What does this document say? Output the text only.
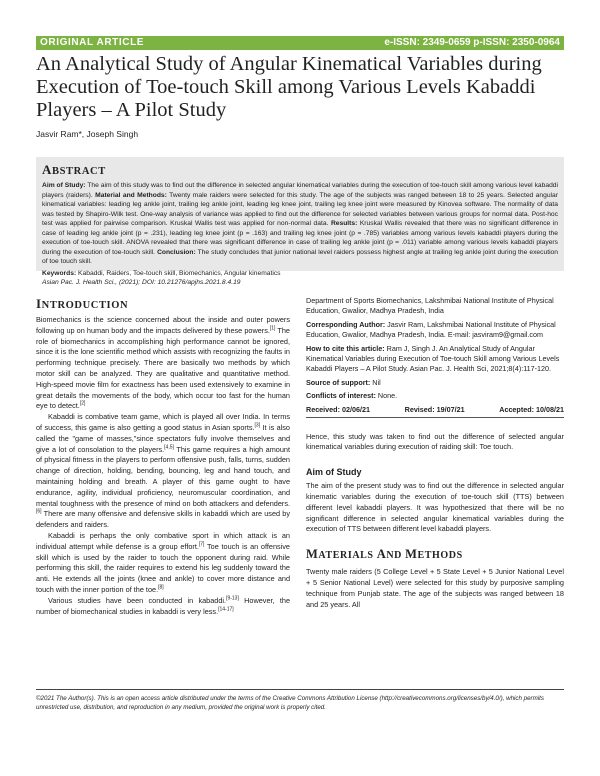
ORIGINAL ARTICLE	e-ISSN: 2349-0659 p-ISSN: 2350-0964
An Analytical Study of Angular Kinematical Variables during Execution of Toe-touch Skill among Various Levels Kabaddi Players – A Pilot Study
Jasvir Ram*, Joseph Singh
ABSTRACT

Aim of Study: The aim of this study was to find out the difference in selected angular kinematical variables during the execution of toe-touch skill among various level kabaddi players (raiders). Material and Methods: Twenty male raiders were selected for this study. The age of the subjects was ranged between 18 to 25 years. Selected angular kinematical variables: leading leg ankle joint, trailing leg ankle joint, leading leg knee joint, trailing leg knee joint were measured by Kinovea software. The normality of data was tested by Shapiro-Wilk test. One-way analysis of variance was applied to find out the difference for selected variables between various groups for normal data. Post-hoc test was applied for pairwise comparison. Kruskal Wallis test was applied for non-normal data. Results: Kruskal Wallis revealed that there was no significant difference in case of leading leg ankle joint (p = .231), leading leg knee joint (p = .163) and trailing leg knee joint (p = .785) variables among various levels kabaddi players during the execution of toe-touch skill. ANOVA revealed that there was significant difference in case of trailing leg ankle joint (p = .011) variable among various levels kabaddi players during the execution of toe-touch skill. Conclusion: The study concludes that junior national level raiders possess highest angle at trailing leg ankle joint during the execution of toe touch skill.

Keywords: Kabaddi, Raiders, Toe-touch skill, Biomechanics, Angular kinematics
Asian Pac. J. Health Sci., (2021); DOI: 10.21276/apjhs.2021.8.4.19
INTRODUCTION

Biomechanics is the science concerned about the inside and outer powers following up on human body and the impacts delivered by these powers.[1] The role of biomechanics in accomplishing high performance cannot be ignored, since it is the lone scientific method which assists with recognizing the faults in performing technique precisely. There are basically two methods by which motor skill can be analyzed. They are qualitative and quantitative method. High-speed movie film for exactness has been used extensively to examine in great details the movements of the body, which occur too fast for the human eye to detect.[2]

Kabaddi is combative team game, which is played all over India. In terms of success, this game is also getting a good status in Asian sports.[3] It is also called the "game of masses,"since spectators fully involve themselves and give a lot of consolation to the players.[4,5] This game requires a high amount of physical fitness in the players to perform offensive push, falls, turns, sudden change of direction, holding, bending, bouncing, leg and hand touch, and maintaining holding and breath. A player of this game ought to have endurance, agility, individual proficiency, neuromuscular coordination, and mental toughness with the presence of mind on both attackers and defenders.[6] There are many offensive and defensive skills in kabaddi which are used by defenders and raiders.

Kabaddi is perhaps the only combative sport in which attack is an individual attempt while defense is a group effort.[7] Toe touch is an offensive skill which is used by the raider to touch the opponent during raid. While performing this skill, the raider requires to extend his leg suddenly toward the anti. He extends all the joints (knee and ankle) to cover more distance and touch with the inner portion of the toe.[8]

Various studies have been conducted in kabaddi.[9-13] However, the number of biomechanical studies in kabaddi is very less.[14-17]

Department of Sports Biomechanics, Lakshmibai National Institute of Physical Education, Gwalior, Madhya Pradesh, India

Corresponding Author: Jasvir Ram, Lakshmibai National Institute of Physical Education, Gwalior, Madhya Pradesh, India. E-mail: jasviram9@gmail.com

How to cite this article: Ram J, Singh J. An Analytical Study of Angular Kinematical Variables during Execution of Toe-touch Skill among Various Levels Kabaddi Players – A Pilot Study. Asian Pac. J. Health Sci, 2021;8(4):117-120.

Source of support: Nil

Conflicts of interest: None.

Received: 02/06/21	Revised: 19/07/21	Accepted: 10/08/21

Hence, this study was taken to find out the difference of selected angular kinematical variables during execution of raiding skill: Toe touch.

Aim of Study

The aim of the present study was to find out the difference in selected angular kinematic variables during the execution of toe-touch skill (TTS) between different level kabaddi players. It was hypothesized that there will be no significant difference in selected angular kinematical variables during the execution of TTS between different level kabaddi players.

MATERIALS AND METHODS

Twenty male raiders (5 College Level + 5 State Level + 5 Junior National Level + 5 Senior National Level) were selected for this study by purposive sampling technique from Punjab state. The age of the subjects was ranged between 18 and 25 years. All

©2021 The Author(s). This is an open access article distributed under the terms of the Creative Commons Attribution License (http://creativecommons.org/licenses/by/4.0/), which permits unrestricted use, distribution, and reproduction in any medium, provided the original work is properly cited.
